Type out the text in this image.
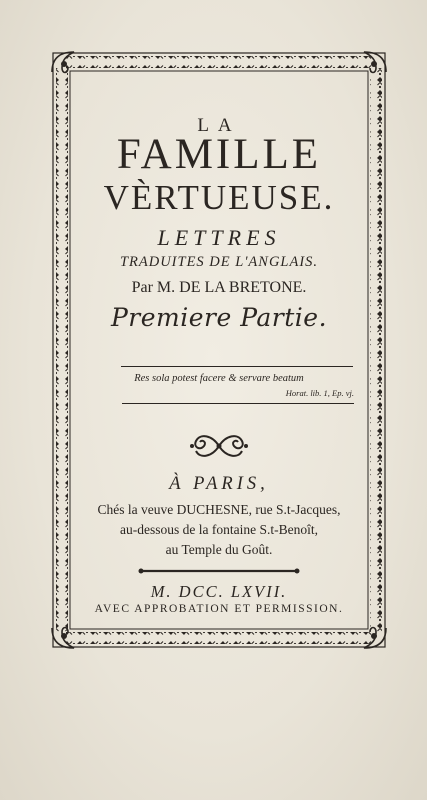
LA
FAMILLE
VÈRTUEUSE.
LETTRES
TRADUITES DE L'ANGLAIS.
Par M. DE LA BRETONE.
Premiere Partie.
Res sola potest facere & servare beatum
Horat. lib. 1, Ep. vj.
À PARIS,
Chés la veuve DUCHESNE, rue S.t-Jacques,
au-dessous de la fontaine S.t-Benoît,
au Temple du Goût.
M. DCC. LXVII.
AVEC APPROBATION ET PERMISSION.
